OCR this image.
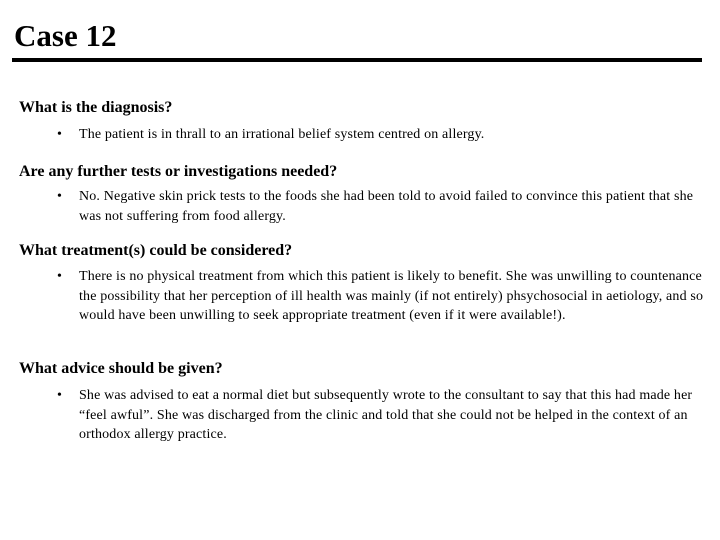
Case 12
What is the diagnosis?
• The patient is in thrall to an irrational belief system centred on allergy.
Are any further tests or investigations needed?
• No. Negative skin prick tests to the foods she had been told to avoid failed to convince this patient that she was not suffering from food allergy.
What treatment(s) could be considered?
• There is no physical treatment from which this patient is likely to benefit. She was unwilling to countenance the possibility that her perception of ill health was mainly (if not entirely) phsychosocial in aetiology, and so would have been unwilling to seek appropriate treatment (even if it were available!).
What advice should be given?
• She was advised to eat a normal diet but subsequently wrote to the consultant to say that this had made her “feel awful”. She was discharged from the clinic and told that she could not be helped in the context of an orthodox allergy practice.
